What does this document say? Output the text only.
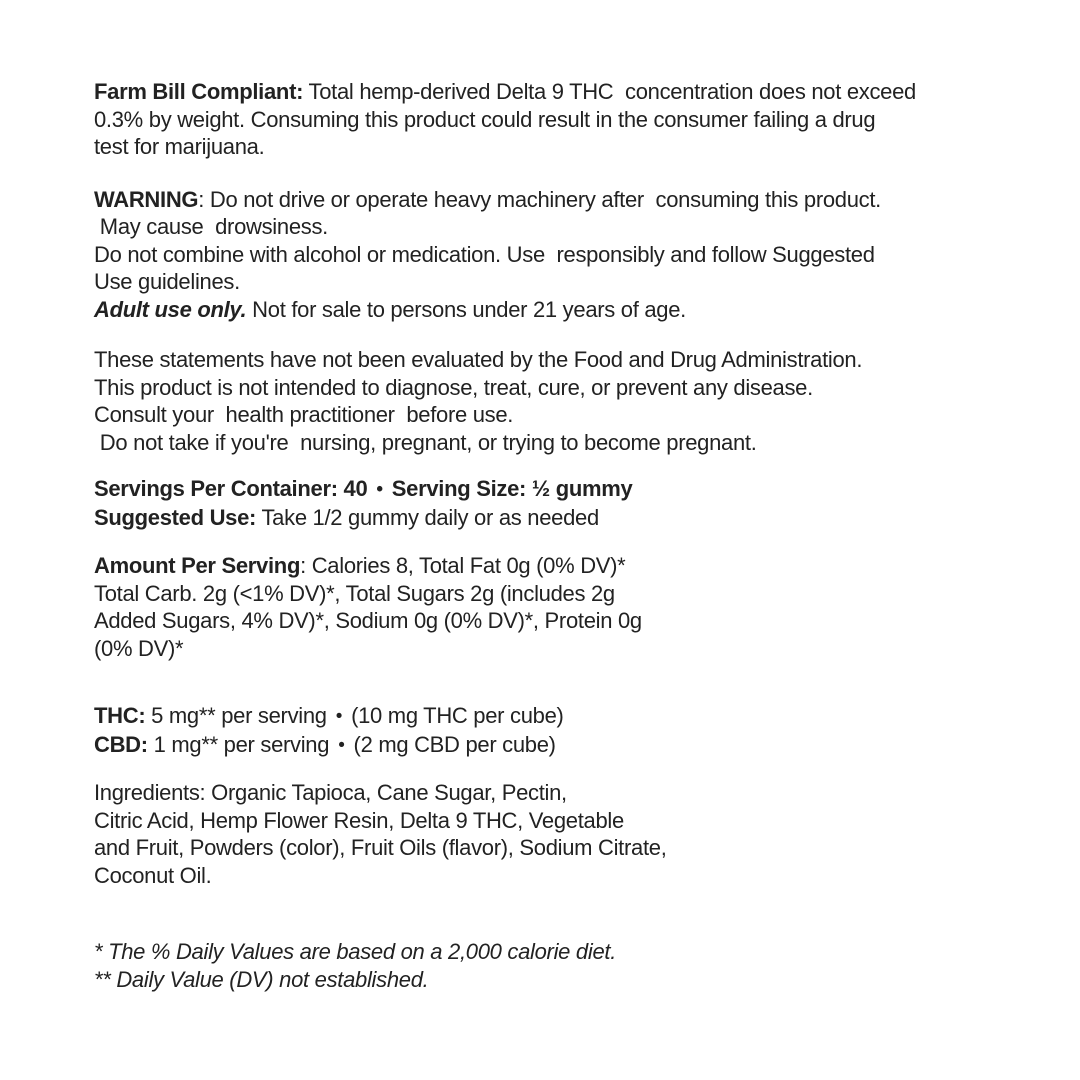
Farm Bill Compliant: Total hemp-derived Delta 9 THC  concentration does not exceed
0.3% by weight. Consuming this product could result in the consumer failing a drug
test for marijuana.
WARNING: Do not drive or operate heavy machinery after  consuming this product.
May cause  drowsiness.
Do not combine with alcohol or medication. Use  responsibly and follow Suggested
Use guidelines.
Adult use only. Not for sale to persons under 21 years of age.
These statements have not been evaluated by the Food and Drug Administration.
This product is not intended to diagnose, treat, cure, or prevent any disease.
Consult your  health practitioner  before use.
Do not take if you're  nursing, pregnant, or trying to become pregnant.
Servings Per Container: 40 • Serving Size: ½ gummy
Suggested Use: Take 1/2 gummy daily or as needed
Amount Per Serving: Calories 8, Total Fat 0g (0% DV)*
Total Carb. 2g (<1% DV)*, Total Sugars 2g (includes 2g
Added Sugars, 4% DV)*, Sodium 0g (0% DV)*, Protein 0g
(0% DV)*
THC: 5 mg** per serving • (10 mg THC per cube)
CBD: 1 mg** per serving • (2 mg CBD per cube)
Ingredients: Organic Tapioca, Cane Sugar, Pectin,
Citric Acid, Hemp Flower Resin, Delta 9 THC, Vegetable
and Fruit, Powders (color), Fruit Oils (flavor), Sodium Citrate,
Coconut Oil.
* The % Daily Values are based on a 2,000 calorie diet.
** Daily Value (DV) not established.
